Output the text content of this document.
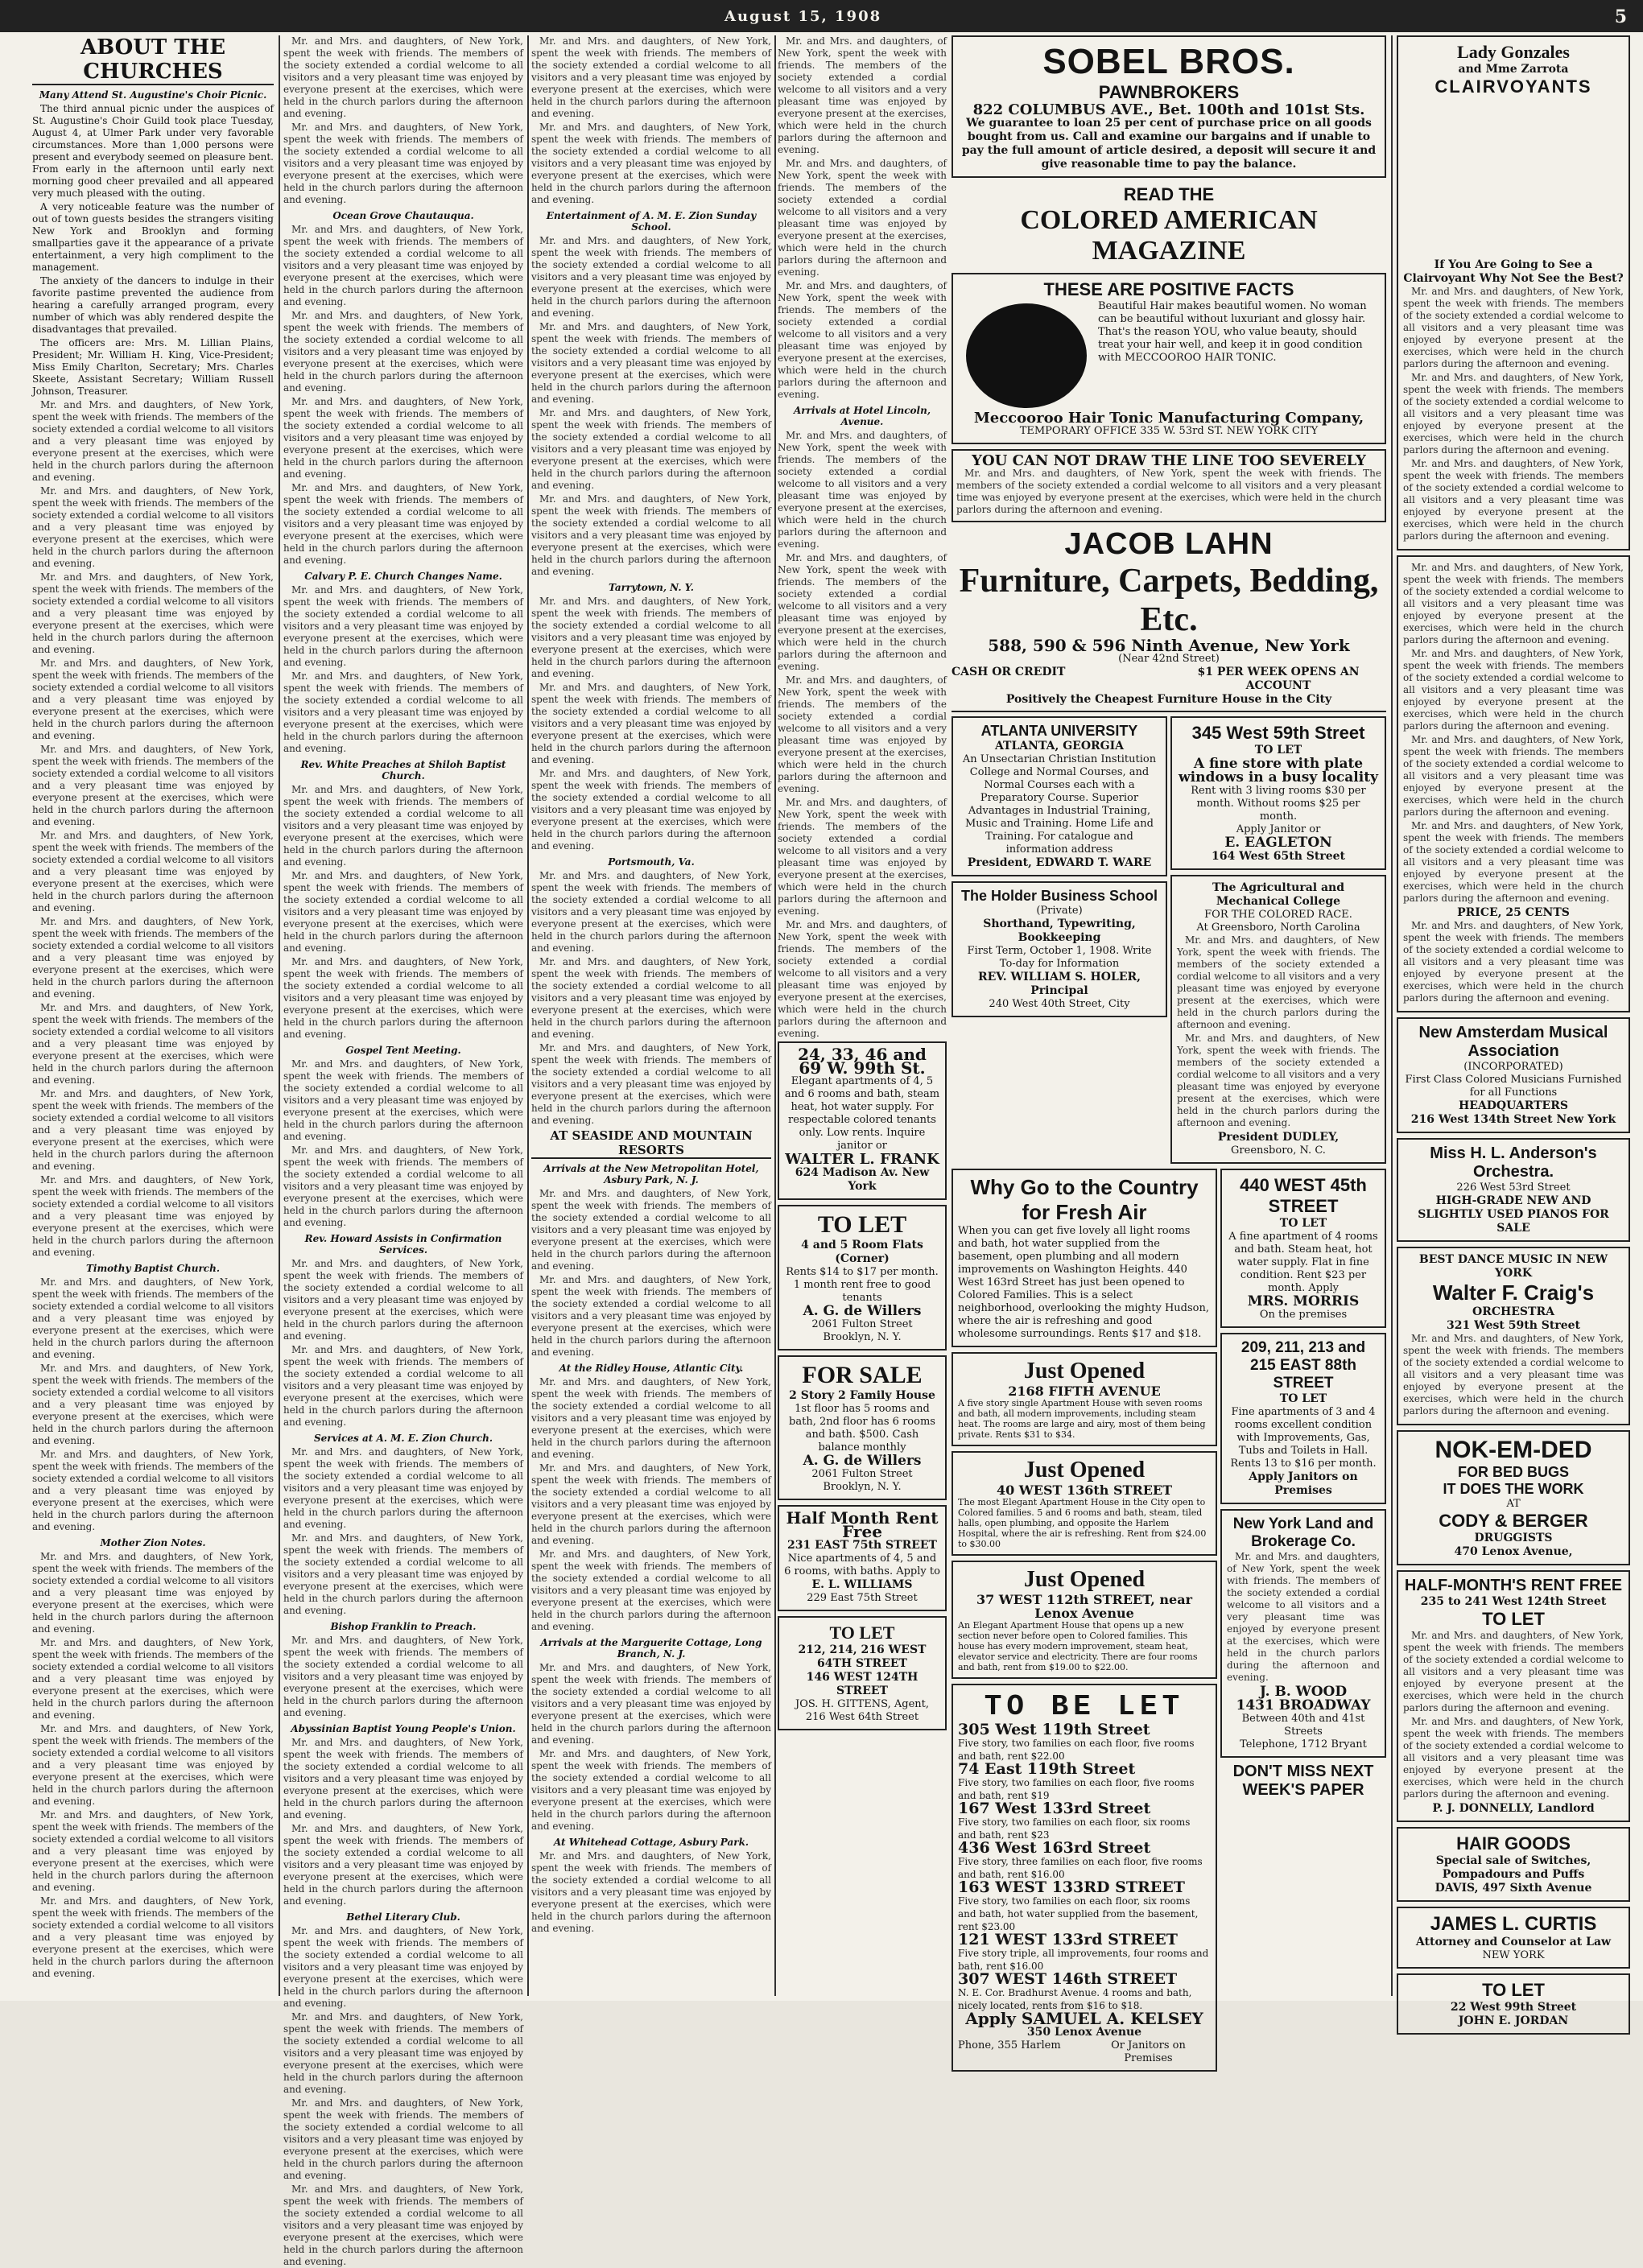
August 15, 1908	5
ABOUT THE CHURCHES
Many Attend St. Augustine's Choir Picnic.

The third annual picnic under the auspices of St. Augustine's Choir Guild took place Tuesday, August 4, at Ulmer Park under very favorable circumstances. More than 1,000 persons were present and everybody seemed on pleasure bent. From early in the afternoon until early next morning good cheer prevailed and all appeared very much pleased with the outing.

A very noticeable feature was the number of out of town guests besides the strangers visiting New York and Brooklyn and forming smallparties gave it the appearance of a private entertainment, a very high compliment to the management.

The anxiety of the dancers to indulge in their favorite pastime prevented the audience from hearing a carefully arranged program, every number of which was ably rendered despite the disadvantages that prevailed.

The officers are: Mrs. M. Lillian Plains, President; Mr. William H. King, Vice-President; Miss Emily Charlton, Secretary; Mrs. Charles Skeete, Assistant Secretary; William Russell Johnson, Treasurer.

Mr. and Mrs. and daughters, of New York, spent the week with friends. The members of the society extended a cordial welcome to all visitors and a very pleasant time was enjoyed by everyone present at the exercises, which were held in the church parlors during the afternoon and evening.

Mr. and Mrs. and daughters, of New York, spent the week with friends. The members of the society extended a cordial welcome to all visitors and a very pleasant time was enjoyed by everyone present at the exercises, which were held in the church parlors during the afternoon and evening.

Mr. and Mrs. and daughters, of New York, spent the week with friends. The members of the society extended a cordial welcome to all visitors and a very pleasant time was enjoyed by everyone present at the exercises, which were held in the church parlors during the afternoon and evening.

Mr. and Mrs. and daughters, of New York, spent the week with friends. The members of the society extended a cordial welcome to all visitors and a very pleasant time was enjoyed by everyone present at the exercises, which were held in the church parlors during the afternoon and evening.

Mr. and Mrs. and daughters, of New York, spent the week with friends. The members of the society extended a cordial welcome to all visitors and a very pleasant time was enjoyed by everyone present at the exercises, which were held in the church parlors during the afternoon and evening.

Mr. and Mrs. and daughters, of New York, spent the week with friends. The members of the society extended a cordial welcome to all visitors and a very pleasant time was enjoyed by everyone present at the exercises, which were held in the church parlors during the afternoon and evening.

Mr. and Mrs. and daughters, of New York, spent the week with friends. The members of the society extended a cordial welcome to all visitors and a very pleasant time was enjoyed by everyone present at the exercises, which were held in the church parlors during the afternoon and evening.

Mr. and Mrs. and daughters, of New York, spent the week with friends. The members of the society extended a cordial welcome to all visitors and a very pleasant time was enjoyed by everyone present at the exercises, which were held in the church parlors during the afternoon and evening.

Mr. and Mrs. and daughters, of New York, spent the week with friends. The members of the society extended a cordial welcome to all visitors and a very pleasant time was enjoyed by everyone present at the exercises, which were held in the church parlors during the afternoon and evening.

Mr. and Mrs. and daughters, of New York, spent the week with friends. The members of the society extended a cordial welcome to all visitors and a very pleasant time was enjoyed by everyone present at the exercises, which were held in the church parlors during the afternoon and evening.

Timothy Baptist Church.

Mr. and Mrs. and daughters, of New York, spent the week with friends. The members of the society extended a cordial welcome to all visitors and a very pleasant time was enjoyed by everyone present at the exercises, which were held in the church parlors during the afternoon and evening.

Mr. and Mrs. and daughters, of New York, spent the week with friends. The members of the society extended a cordial welcome to all visitors and a very pleasant time was enjoyed by everyone present at the exercises, which were held in the church parlors during the afternoon and evening.

Mr. and Mrs. and daughters, of New York, spent the week with friends. The members of the society extended a cordial welcome to all visitors and a very pleasant time was enjoyed by everyone present at the exercises, which were held in the church parlors during the afternoon and evening.

Mother Zion Notes.

Mr. and Mrs. and daughters, of New York, spent the week with friends. The members of the society extended a cordial welcome to all visitors and a very pleasant time was enjoyed by everyone present at the exercises, which were held in the church parlors during the afternoon and evening.

Mr. and Mrs. and daughters, of New York, spent the week with friends. The members of the society extended a cordial welcome to all visitors and a very pleasant time was enjoyed by everyone present at the exercises, which were held in the church parlors during the afternoon and evening.

Mr. and Mrs. and daughters, of New York, spent the week with friends. The members of the society extended a cordial welcome to all visitors and a very pleasant time was enjoyed by everyone present at the exercises, which were held in the church parlors during the afternoon and evening.

Mr. and Mrs. and daughters, of New York, spent the week with friends. The members of the society extended a cordial welcome to all visitors and a very pleasant time was enjoyed by everyone present at the exercises, which were held in the church parlors during the afternoon and evening.

Mr. and Mrs. and daughters, of New York, spent the week with friends. The members of the society extended a cordial welcome to all visitors and a very pleasant time was enjoyed by everyone present at the exercises, which were held in the church parlors during the afternoon and evening.

Mr. and Mrs. and daughters, of New York, spent the week with friends. The members of the society extended a cordial welcome to all visitors and a very pleasant time was enjoyed by everyone present at the exercises, which were held in the church parlors during the afternoon and evening.

Mr. and Mrs. and daughters, of New York, spent the week with friends. The members of the society extended a cordial welcome to all visitors and a very pleasant time was enjoyed by everyone present at the exercises, which were held in the church parlors during the afternoon and evening.

Ocean Grove Chautauqua.

Mr. and Mrs. and daughters, of New York, spent the week with friends. The members of the society extended a cordial welcome to all visitors and a very pleasant time was enjoyed by everyone present at the exercises, which were held in the church parlors during the afternoon and evening.

Mr. and Mrs. and daughters, of New York, spent the week with friends. The members of the society extended a cordial welcome to all visitors and a very pleasant time was enjoyed by everyone present at the exercises, which were held in the church parlors during the afternoon and evening.

Mr. and Mrs. and daughters, of New York, spent the week with friends. The members of the society extended a cordial welcome to all visitors and a very pleasant time was enjoyed by everyone present at the exercises, which were held in the church parlors during the afternoon and evening.

Mr. and Mrs. and daughters, of New York, spent the week with friends. The members of the society extended a cordial welcome to all visitors and a very pleasant time was enjoyed by everyone present at the exercises, which were held in the church parlors during the afternoon and evening.

Calvary P. E. Church Changes Name.

Mr. and Mrs. and daughters, of New York, spent the week with friends. The members of the society extended a cordial welcome to all visitors and a very pleasant time was enjoyed by everyone present at the exercises, which were held in the church parlors during the afternoon and evening.

Mr. and Mrs. and daughters, of New York, spent the week with friends. The members of the society extended a cordial welcome to all visitors and a very pleasant time was enjoyed by everyone present at the exercises, which were held in the church parlors during the afternoon and evening.

Rev. White Preaches at Shiloh Baptist Church.

Mr. and Mrs. and daughters, of New York, spent the week with friends. The members of the society extended a cordial welcome to all visitors and a very pleasant time was enjoyed by everyone present at the exercises, which were held in the church parlors during the afternoon and evening.

Mr. and Mrs. and daughters, of New York, spent the week with friends. The members of the society extended a cordial welcome to all visitors and a very pleasant time was enjoyed by everyone present at the exercises, which were held in the church parlors during the afternoon and evening.

Mr. and Mrs. and daughters, of New York, spent the week with friends. The members of the society extended a cordial welcome to all visitors and a very pleasant time was enjoyed by everyone present at the exercises, which were held in the church parlors during the afternoon and evening.

Gospel Tent Meeting.

Mr. and Mrs. and daughters, of New York, spent the week with friends. The members of the society extended a cordial welcome to all visitors and a very pleasant time was enjoyed by everyone present at the exercises, which were held in the church parlors during the afternoon and evening.

Mr. and Mrs. and daughters, of New York, spent the week with friends. The members of the society extended a cordial welcome to all visitors and a very pleasant time was enjoyed by everyone present at the exercises, which were held in the church parlors during the afternoon and evening.

Rev. Howard Assists in Confirmation Services.

Mr. and Mrs. and daughters, of New York, spent the week with friends. The members of the society extended a cordial welcome to all visitors and a very pleasant time was enjoyed by everyone present at the exercises, which were held in the church parlors during the afternoon and evening.

Mr. and Mrs. and daughters, of New York, spent the week with friends. The members of the society extended a cordial welcome to all visitors and a very pleasant time was enjoyed by everyone present at the exercises, which were held in the church parlors during the afternoon and evening.

Services at A. M. E. Zion Church.

Mr. and Mrs. and daughters, of New York, spent the week with friends. The members of the society extended a cordial welcome to all visitors and a very pleasant time was enjoyed by everyone present at the exercises, which were held in the church parlors during the afternoon and evening.

Mr. and Mrs. and daughters, of New York, spent the week with friends. The members of the society extended a cordial welcome to all visitors and a very pleasant time was enjoyed by everyone present at the exercises, which were held in the church parlors during the afternoon and evening.

Bishop Franklin to Preach.

Mr. and Mrs. and daughters, of New York, spent the week with friends. The members of the society extended a cordial welcome to all visitors and a very pleasant time was enjoyed by everyone present at the exercises, which were held in the church parlors during the afternoon and evening.

Abyssinian Baptist Young People's Union.

Mr. and Mrs. and daughters, of New York, spent the week with friends. The members of the society extended a cordial welcome to all visitors and a very pleasant time was enjoyed by everyone present at the exercises, which were held in the church parlors during the afternoon and evening.

Mr. and Mrs. and daughters, of New York, spent the week with friends. The members of the society extended a cordial welcome to all visitors and a very pleasant time was enjoyed by everyone present at the exercises, which were held in the church parlors during the afternoon and evening.

Bethel Literary Club.

Mr. and Mrs. and daughters, of New York, spent the week with friends. The members of the society extended a cordial welcome to all visitors and a very pleasant time was enjoyed by everyone present at the exercises, which were held in the church parlors during the afternoon and evening.

Mr. and Mrs. and daughters, of New York, spent the week with friends. The members of the society extended a cordial welcome to all visitors and a very pleasant time was enjoyed by everyone present at the exercises, which were held in the church parlors during the afternoon and evening.

Mr. and Mrs. and daughters, of New York, spent the week with friends. The members of the society extended a cordial welcome to all visitors and a very pleasant time was enjoyed by everyone present at the exercises, which were held in the church parlors during the afternoon and evening.

Mr. and Mrs. and daughters, of New York, spent the week with friends. The members of the society extended a cordial welcome to all visitors and a very pleasant time was enjoyed by everyone present at the exercises, which were held in the church parlors during the afternoon and evening.

Mr. and Mrs. and daughters, of New York, spent the week with friends. The members of the society extended a cordial welcome to all visitors and a very pleasant time was enjoyed by everyone present at the exercises, which were held in the church parlors during the afternoon and evening.

Mr. and Mrs. and daughters, of New York, spent the week with friends. The members of the society extended a cordial welcome to all visitors and a very pleasant time was enjoyed by everyone present at the exercises, which were held in the church parlors during the afternoon and evening.

Entertainment of A. M. E. Zion Sunday School.

Mr. and Mrs. and daughters, of New York, spent the week with friends. The members of the society extended a cordial welcome to all visitors and a very pleasant time was enjoyed by everyone present at the exercises, which were held in the church parlors during the afternoon and evening.

Mr. and Mrs. and daughters, of New York, spent the week with friends. The members of the society extended a cordial welcome to all visitors and a very pleasant time was enjoyed by everyone present at the exercises, which were held in the church parlors during the afternoon and evening.

Mr. and Mrs. and daughters, of New York, spent the week with friends. The members of the society extended a cordial welcome to all visitors and a very pleasant time was enjoyed by everyone present at the exercises, which were held in the church parlors during the afternoon and evening.

Mr. and Mrs. and daughters, of New York, spent the week with friends. The members of the society extended a cordial welcome to all visitors and a very pleasant time was enjoyed by everyone present at the exercises, which were held in the church parlors during the afternoon and evening.

Tarrytown, N. Y.

Mr. and Mrs. and daughters, of New York, spent the week with friends. The members of the society extended a cordial welcome to all visitors and a very pleasant time was enjoyed by everyone present at the exercises, which were held in the church parlors during the afternoon and evening.

Mr. and Mrs. and daughters, of New York, spent the week with friends. The members of the society extended a cordial welcome to all visitors and a very pleasant time was enjoyed by everyone present at the exercises, which were held in the church parlors during the afternoon and evening.

Mr. and Mrs. and daughters, of New York, spent the week with friends. The members of the society extended a cordial welcome to all visitors and a very pleasant time was enjoyed by everyone present at the exercises, which were held in the church parlors during the afternoon and evening.

Portsmouth, Va.

Mr. and Mrs. and daughters, of New York, spent the week with friends. The members of the society extended a cordial welcome to all visitors and a very pleasant time was enjoyed by everyone present at the exercises, which were held in the church parlors during the afternoon and evening.

Mr. and Mrs. and daughters, of New York, spent the week with friends. The members of the society extended a cordial welcome to all visitors and a very pleasant time was enjoyed by everyone present at the exercises, which were held in the church parlors during the afternoon and evening.

Mr. and Mrs. and daughters, of New York, spent the week with friends. The members of the society extended a cordial welcome to all visitors and a very pleasant time was enjoyed by everyone present at the exercises, which were held in the church parlors during the afternoon and evening.

AT SEASIDE AND MOUNTAIN RESORTS
Arrivals at the New Metropolitan Hotel, Asbury Park, N. J.

Mr. and Mrs. and daughters, of New York, spent the week with friends. The members of the society extended a cordial welcome to all visitors and a very pleasant time was enjoyed by everyone present at the exercises, which were held in the church parlors during the afternoon and evening.

Mr. and Mrs. and daughters, of New York, spent the week with friends. The members of the society extended a cordial welcome to all visitors and a very pleasant time was enjoyed by everyone present at the exercises, which were held in the church parlors during the afternoon and evening.

At the Ridley House, Atlantic City.

Mr. and Mrs. and daughters, of New York, spent the week with friends. The members of the society extended a cordial welcome to all visitors and a very pleasant time was enjoyed by everyone present at the exercises, which were held in the church parlors during the afternoon and evening.

Mr. and Mrs. and daughters, of New York, spent the week with friends. The members of the society extended a cordial welcome to all visitors and a very pleasant time was enjoyed by everyone present at the exercises, which were held in the church parlors during the afternoon and evening.

Mr. and Mrs. and daughters, of New York, spent the week with friends. The members of the society extended a cordial welcome to all visitors and a very pleasant time was enjoyed by everyone present at the exercises, which were held in the church parlors during the afternoon and evening.

Arrivals at the Marguerite Cottage, Long Branch, N. J.

Mr. and Mrs. and daughters, of New York, spent the week with friends. The members of the society extended a cordial welcome to all visitors and a very pleasant time was enjoyed by everyone present at the exercises, which were held in the church parlors during the afternoon and evening.

Mr. and Mrs. and daughters, of New York, spent the week with friends. The members of the society extended a cordial welcome to all visitors and a very pleasant time was enjoyed by everyone present at the exercises, which were held in the church parlors during the afternoon and evening.

At Whitehead Cottage, Asbury Park.

Mr. and Mrs. and daughters, of New York, spent the week with friends. The members of the society extended a cordial welcome to all visitors and a very pleasant time was enjoyed by everyone present at the exercises, which were held in the church parlors during the afternoon and evening.

Mr. and Mrs. and daughters, of New York, spent the week with friends. The members of the society extended a cordial welcome to all visitors and a very pleasant time was enjoyed by everyone present at the exercises, which were held in the church parlors during the afternoon and evening.

Mr. and Mrs. and daughters, of New York, spent the week with friends. The members of the society extended a cordial welcome to all visitors and a very pleasant time was enjoyed by everyone present at the exercises, which were held in the church parlors during the afternoon and evening.

Mr. and Mrs. and daughters, of New York, spent the week with friends. The members of the society extended a cordial welcome to all visitors and a very pleasant time was enjoyed by everyone present at the exercises, which were held in the church parlors during the afternoon and evening.

Arrivals at Hotel Lincoln, Avenue.

Mr. and Mrs. and daughters, of New York, spent the week with friends. The members of the society extended a cordial welcome to all visitors and a very pleasant time was enjoyed by everyone present at the exercises, which were held in the church parlors during the afternoon and evening.

Mr. and Mrs. and daughters, of New York, spent the week with friends. The members of the society extended a cordial welcome to all visitors and a very pleasant time was enjoyed by everyone present at the exercises, which were held in the church parlors during the afternoon and evening.

Mr. and Mrs. and daughters, of New York, spent the week with friends. The members of the society extended a cordial welcome to all visitors and a very pleasant time was enjoyed by everyone present at the exercises, which were held in the church parlors during the afternoon and evening.

Mr. and Mrs. and daughters, of New York, spent the week with friends. The members of the society extended a cordial welcome to all visitors and a very pleasant time was enjoyed by everyone present at the exercises, which were held in the church parlors during the afternoon and evening.

Mr. and Mrs. and daughters, of New York, spent the week with friends. The members of the society extended a cordial welcome to all visitors and a very pleasant time was enjoyed by everyone present at the exercises, which were held in the church parlors during the afternoon and evening.

24, 33, 46 and 69 W. 99th St.
Elegant apartments of 4, 5 and 6 rooms and bath, steam heat, hot water supply. For respectable colored tenants only. Low rents. Inquire janitor or
WALTER L. FRANK
624 Madison Av. New York
TO LET
4 and 5 Room Flats (Corner)
Rents $14 to $17 per month. 1 month rent free to good tenants
A. G. de Willers
2061 Fulton Street
Brooklyn, N. Y.
FOR SALE
2 Story 2 Family House
1st floor has 5 rooms and bath, 2nd floor has 6 rooms and bath. $500. Cash balance monthly
A. G. de Willers
2061 Fulton Street
Brooklyn, N. Y.
Half Month Rent Free
231 EAST 75th STREET
Nice apartments of 4, 5 and 6 rooms, with baths. Apply to
E. L. WILLIAMS
229 East 75th Street
TO LET
212, 214, 216 WEST 64TH STREET
146 WEST 124TH STREET
JOS. H. GITTENS, Agent, 216 West 64th Street
SOBEL BROS.
PAWNBROKERS
822 COLUMBUS AVE., Bet. 100th and 101st Sts.
We guarantee to loan 25 per cent of purchase price on all goods bought from us. Call and examine our bargains and if unable to pay the full amount of article desired, a deposit will secure it and give reasonable time to pay the balance.
READ THE
COLORED AMERICAN MAGAZINE
THESE ARE POSITIVE FACTS
Beautiful Hair makes beautiful women. No woman can be beautiful without luxuriant and glossy hair. That's the reason YOU, who value beauty, should treat your hair well, and keep it in good condition with MECCOOROO HAIR TONIC.
Meccooroo Hair Tonic Manufacturing Company,
TEMPORARY OFFICE 335 W. 53rd ST. NEW YORK CITY
YOU CAN NOT DRAW THE LINE TOO SEVERELY

Mr. and Mrs. and daughters, of New York, spent the week with friends. The members of the society extended a cordial welcome to all visitors and a very pleasant time was enjoyed by everyone present at the exercises, which were held in the church parlors during the afternoon and evening.

JACOB LAHN
Furniture, Carpets, Bedding, Etc.
588, 590 & 596 Ninth Avenue, New York
(Near 42nd Street)
CASH OR CREDIT	$1 PER WEEK OPENS AN ACCOUNT
Positively the Cheapest Furniture House in the City
ATLANTA UNIVERSITY
ATLANTA, GEORGIA
An Unsectarian Christian Institution College and Normal Courses, and Normal Courses each with a Preparatory Course. Superior Advantages in Industrial Training, Music and Training. Home Life and Training. For catalogue and information address
President, EDWARD T. WARE
The Holder Business School
(Private)
Shorthand, Typewriting, Bookkeeping
First Term, October 1, 1908. Write To-day for Information
REV. WILLIAM S. HOLER, Principal
240 West 40th Street, City
345 West 59th Street
TO LET
A fine store with plate windows in a busy locality
Rent with 3 living rooms $30 per month. Without rooms $25 per month.
Apply Janitor or
E. EAGLETON
164 West 65th Street
The Agricultural and Mechanical College
FOR THE COLORED RACE.
At Greensboro, North Carolina

Mr. and Mrs. and daughters, of New York, spent the week with friends. The members of the society extended a cordial welcome to all visitors and a very pleasant time was enjoyed by everyone present at the exercises, which were held in the church parlors during the afternoon and evening.

Mr. and Mrs. and daughters, of New York, spent the week with friends. The members of the society extended a cordial welcome to all visitors and a very pleasant time was enjoyed by everyone present at the exercises, which were held in the church parlors during the afternoon and evening.

President DUDLEY,
Greensboro, N. C.
Why Go to the Country for Fresh Air
When you can get five lovely all light rooms and bath, hot water supplied from the basement, open plumbing and all modern improvements on Washington Heights. 440 West 163rd Street has just been opened to Colored Families. This is a select neighborhood, overlooking the mighty Hudson, where the air is refreshing and good wholesome surroundings. Rents $17 and $18.
Just Opened
2168 FIFTH AVENUE
A five story single Apartment House with seven rooms and bath, all modern improvements, including steam heat. The rooms are large and airy, most of them being private. Rents $31 to $34.
Just Opened
40 WEST 136th STREET
The most Elegant Apartment House in the City open to Colored families. 5 and 6 rooms and bath, steam, tiled halls, open plumbing, and opposite the Harlem Hospital, where the air is refreshing. Rent from $24.00 to $30.00
Just Opened
37 WEST 112th STREET, near Lenox Avenue
An Elegant Apartment House that opens up a new section never before open to Colored families. This house has every modern improvement, steam heat, elevator service and electricity. There are four rooms and bath, rent from $19.00 to $22.00.
TO BE LET
305 West 119th Street
Five story, two families on each floor, five rooms and bath, rent $22.00
74 East 119th Street
Five story, two families on each floor, five rooms and bath, rent $19
167 West 133rd Street
Five story, two families on each floor, six rooms and bath, rent $23
436 West 163rd Street
Five story, three families on each floor, five rooms and bath, rent $16.00
163 WEST 133RD STREET
Five story, two families on each floor, six rooms and bath, hot water supplied from the basement, rent $23.00
121 WEST 133rd STREET
Five story triple, all improvements, four rooms and bath, rent $16.00
307 WEST 146th STREET
N. E. Cor. Bradhurst Avenue. 4 rooms and bath, nicely located, rents from $16 to $18.
Apply SAMUEL A. KELSEY
350 Lenox Avenue
Phone, 355 Harlem	Or Janitors on Premises
440 WEST 45th STREET
TO LET
A fine apartment of 4 rooms and bath. Steam heat, hot water supply. Flat in fine condition. Rent $23 per month. Apply
MRS. MORRIS
On the premises
209, 211, 213 and 215 EAST 88th STREET
TO LET
Fine apartments of 3 and 4 rooms excellent condition with Improvements, Gas, Tubs and Toilets in Hall. Rents 13 to $16 per month.
Apply Janitors on Premises
New York Land and Brokerage Co.

Mr. and Mrs. and daughters, of New York, spent the week with friends. The members of the society extended a cordial welcome to all visitors and a very pleasant time was enjoyed by everyone present at the exercises, which were held in the church parlors during the afternoon and evening.

J. B. WOOD
1431 BROADWAY
Between 40th and 41st Streets
Telephone, 1712 Bryant
DON'T MISS NEXT
WEEK'S PAPER
Lady Gonzales
and Mme Zarrota
CLAIRVOYANTS
If You Are Going to See a Clairvoyant Why Not See the Best?

Mr. and Mrs. and daughters, of New York, spent the week with friends. The members of the society extended a cordial welcome to all visitors and a very pleasant time was enjoyed by everyone present at the exercises, which were held in the church parlors during the afternoon and evening.

Mr. and Mrs. and daughters, of New York, spent the week with friends. The members of the society extended a cordial welcome to all visitors and a very pleasant time was enjoyed by everyone present at the exercises, which were held in the church parlors during the afternoon and evening.

Mr. and Mrs. and daughters, of New York, spent the week with friends. The members of the society extended a cordial welcome to all visitors and a very pleasant time was enjoyed by everyone present at the exercises, which were held in the church parlors during the afternoon and evening.

Mr. and Mrs. and daughters, of New York, spent the week with friends. The members of the society extended a cordial welcome to all visitors and a very pleasant time was enjoyed by everyone present at the exercises, which were held in the church parlors during the afternoon and evening.

Mr. and Mrs. and daughters, of New York, spent the week with friends. The members of the society extended a cordial welcome to all visitors and a very pleasant time was enjoyed by everyone present at the exercises, which were held in the church parlors during the afternoon and evening.

Mr. and Mrs. and daughters, of New York, spent the week with friends. The members of the society extended a cordial welcome to all visitors and a very pleasant time was enjoyed by everyone present at the exercises, which were held in the church parlors during the afternoon and evening.

Mr. and Mrs. and daughters, of New York, spent the week with friends. The members of the society extended a cordial welcome to all visitors and a very pleasant time was enjoyed by everyone present at the exercises, which were held in the church parlors during the afternoon and evening.

PRICE, 25 CENTS

Mr. and Mrs. and daughters, of New York, spent the week with friends. The members of the society extended a cordial welcome to all visitors and a very pleasant time was enjoyed by everyone present at the exercises, which were held in the church parlors during the afternoon and evening.

New Amsterdam Musical Association
(INCORPORATED)
First Class Colored Musicians Furnished for all Functions
HEADQUARTERS
216 West 134th Street New York
Miss H. L. Anderson's Orchestra.
226 West 53rd Street
HIGH-GRADE NEW AND SLIGHTLY USED PIANOS FOR SALE
BEST DANCE MUSIC IN NEW YORK
Walter F. Craig's
ORCHESTRA
321 West 59th Street

Mr. and Mrs. and daughters, of New York, spent the week with friends. The members of the society extended a cordial welcome to all visitors and a very pleasant time was enjoyed by everyone present at the exercises, which were held in the church parlors during the afternoon and evening.

NOK-EM-DED
FOR BED BUGS
IT DOES THE WORK
AT
CODY & BERGER
DRUGGISTS
470 Lenox Avenue,
HALF-MONTH'S RENT FREE
235 to 241 West 124th Street
TO LET

Mr. and Mrs. and daughters, of New York, spent the week with friends. The members of the society extended a cordial welcome to all visitors and a very pleasant time was enjoyed by everyone present at the exercises, which were held in the church parlors during the afternoon and evening.

Mr. and Mrs. and daughters, of New York, spent the week with friends. The members of the society extended a cordial welcome to all visitors and a very pleasant time was enjoyed by everyone present at the exercises, which were held in the church parlors during the afternoon and evening.

P. J. DONNELLY, Landlord
HAIR GOODS
Special sale of Switches, Pompadours and Puffs
DAVIS, 497 Sixth Avenue
JAMES L. CURTIS
Attorney and Counselor at Law
NEW YORK
TO LET
22 West 99th Street
JOHN E. JORDAN
